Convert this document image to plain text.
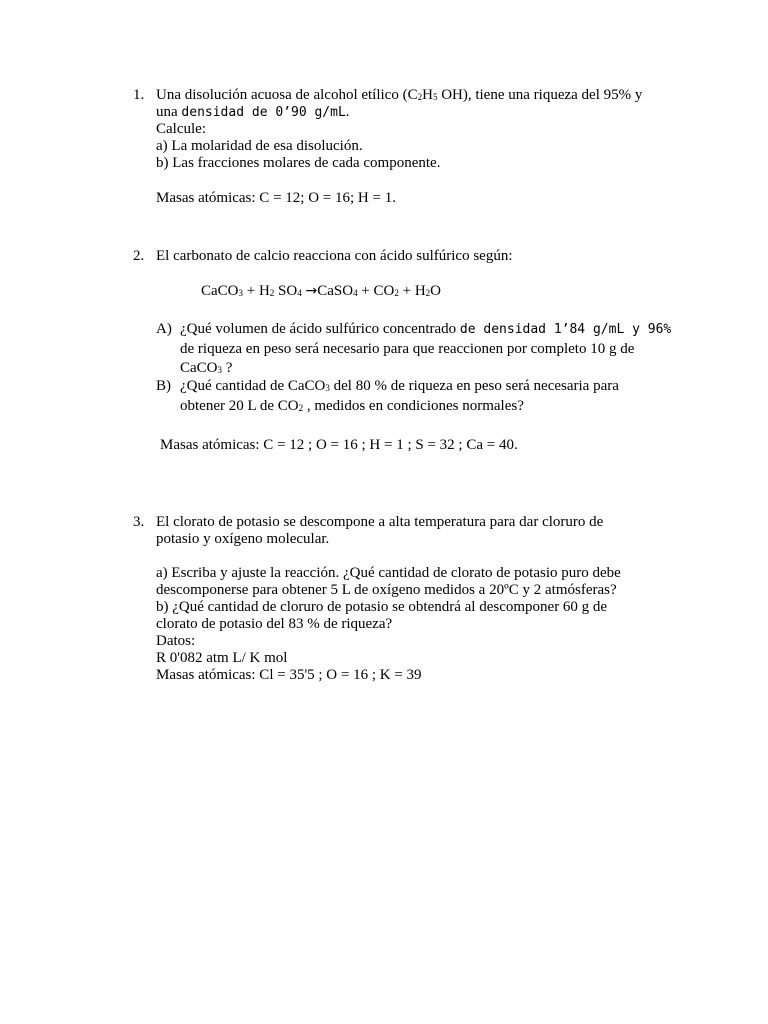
1. Una disolución acuosa de alcohol etílico ($C_2H_5$ OH), tiene una riqueza del 95% y
una densidad de 0’90 g/mL.
Calcule:
a) La molaridad de esa disolución.
b) Las fracciones molares de cada componente.
Masas atómicas: C = 12; O = 16; H = 1.
2. El carbonato de calcio reacciona con ácido sulfúrico según:
CaCO$_3$ + $H_2$ $SO_4$ →CaSO$_4$ + $CO_2 + H_2O$
A) ¿Qué volumen de ácido sulfúrico concentrado de densidad 1’84 g/mL y 96%
de riqueza en peso será necesario para que reaccionen por completo 10 g de
CaCO$_3$ ?
B) ¿Qué cantidad de CaCO$_3$ del 80 % de riqueza en peso será necesaria para
obtener 20 L de $CO_2$ , medidos en condiciones normales?
Masas atómicas: C = 12 ; O = 16 ; H = 1 ; S = 32 ; Ca = 40.
3. El clorato de potasio se descompone a alta temperatura para dar cloruro de
potasio y oxígeno molecular.
a) Escriba y ajuste la reacción. ¿Qué cantidad de clorato de potasio puro debe
descomponerse para obtener 5 L de oxígeno medidos a 20ºC y 2 atmósferas?
b) ¿Qué cantidad de cloruro de potasio se obtendrá al descomponer 60 g de
clorato de potasio del 83 % de riqueza?
Datos:
R 0'082 atm L/ K mol
Masas atómicas: Cl = 35'5 ; O = 16 ; K = 39
